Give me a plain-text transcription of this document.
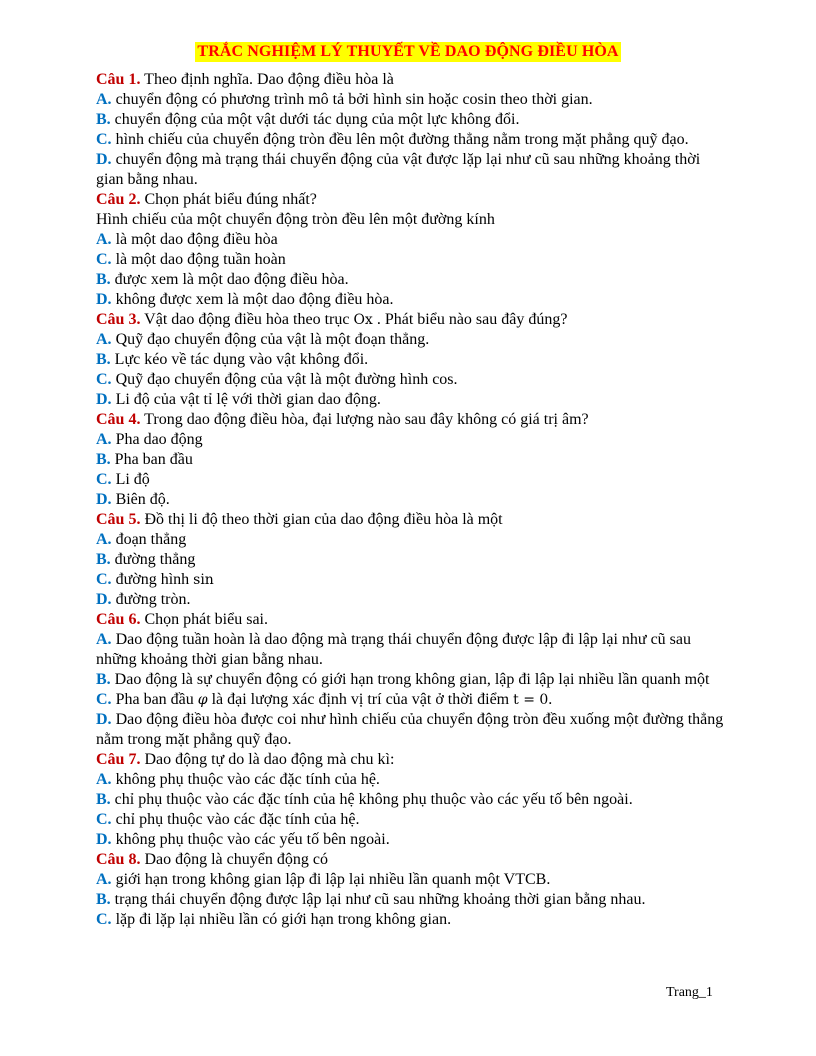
TRẮC NGHIỆM LÝ THUYẾT VỀ DAO ĐỘNG ĐIỀU HÒA

Câu 1. Theo định nghĩa. Dao động điều hòa là

A. chuyển động có phương trình mô tả bởi hình sin hoặc cosin theo thời gian.

B. chuyển động của một vật dưới tác dụng của một lực không đổi.

C. hình chiếu của chuyển động tròn đều lên một đường thẳng nằm trong mặt phẳng quỹ đạo.

D. chuyển động mà trạng thái chuyển động của vật được lặp lại như cũ sau những khoảng thời gian bằng nhau.

Câu 2. Chọn phát biểu đúng nhất?

Hình chiếu của một chuyển động tròn đều lên một đường kính

A. là một dao động điều hòa

C. là một dao động tuần hoàn

B. được xem là một dao động điều hòa.

D. không được xem là một dao động điều hòa.

Câu 3. Vật dao động điều hòa theo trục Ox . Phát biểu nào sau đây đúng?

A. Quỹ đạo chuyển động của vật là một đoạn thẳng.

B. Lực kéo về tác dụng vào vật không đổi.

C. Quỹ đạo chuyển động của vật là một đường hình cos.

D. Li độ của vật tỉ lệ với thời gian dao động.

Câu 4. Trong dao động điều hòa, đại lượng nào sau đây không có giá trị âm?

A. Pha dao động

B. Pha ban đầu

C. Li độ

D. Biên độ.

Câu 5. Đồ thị li độ theo thời gian của dao động điều hòa là một

A. đoạn thẳng

B. đường thẳng

C. đường hình sin

D. đường tròn.

Câu 6. Chọn phát biểu sai.

A. Dao động tuần hoàn là dao động mà trạng thái chuyển động được lập đi lập lại như cũ sau những khoảng thời gian bằng nhau.

B. Dao động là sự chuyển động có giới hạn trong không gian, lập đi lập lại nhiều lần quanh một

C. Pha ban đầu φ là đại lượng xác định vị trí của vật ở thời điểm t = 0.

D. Dao động điều hòa được coi như hình chiếu của chuyển động tròn đều xuống một đường thẳng nằm trong mặt phẳng quỹ đạo.

Câu 7. Dao động tự do là dao động mà chu kì:

A. không phụ thuộc vào các đặc tính của hệ.

B. chỉ phụ thuộc vào các đặc tính của hệ không phụ thuộc vào các yếu tố bên ngoài.

C. chỉ phụ thuộc vào các đặc tính của hệ.

D. không phụ thuộc vào các yếu tố bên ngoài.

Câu 8. Dao động là chuyển động có

A. giới hạn trong không gian lập đi lập lại nhiều lần quanh một VTCB.

B. trạng thái chuyển động được lập lại như cũ sau những khoảng thời gian bằng nhau.

C. lặp đi lặp lại nhiều lần có giới hạn trong không gian.

Trang_1
